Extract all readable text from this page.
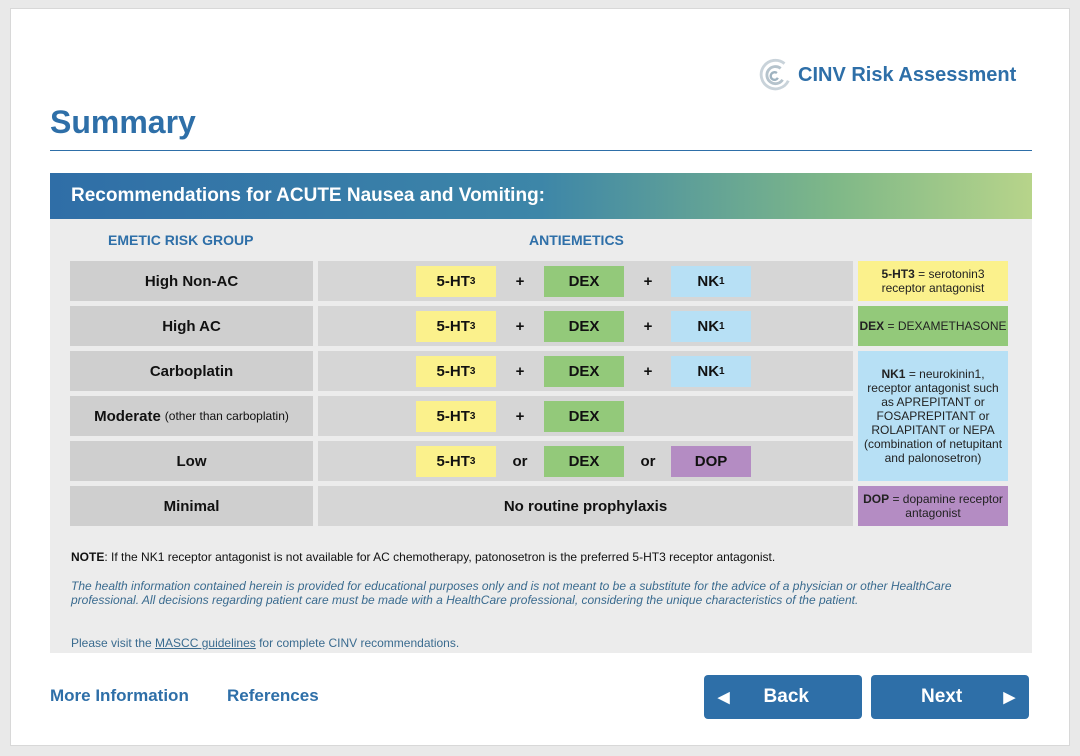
CINV Risk Assessment
Summary
Recommendations for ACUTE Nausea and Vomiting:
EMETIC RISK GROUP	ANTIEMETICS
High Non-AC	5-HT 3	+	DEX	+	NK 1
High AC	5-HT 3	+	DEX	+	NK 1
Carboplatin	5-HT 3	+	DEX	+	NK 1
Moderate (other than carboplatin)	5-HT 3	+	DEX
Low	5-HT 3	or	DEX	or	DOP
Minimal	No routine prophylaxis
5-HT3 = serotonin3 receptor antagonist
DEX = DEXAMETHASONE
NK1 = neurokinin1, receptor antagonist such as APREPITANT or FOSAPREPITANT or ROLAPITANT or NEPA (combination of netupitant and palonosetron)
DOP = dopamine receptor antagonist
NOTE: If the NK1 receptor antagonist is not available for AC chemotherapy, patonosetron is the preferred 5-HT3 receptor antagonist.
The health information contained herein is provided for educational purposes only and is not meant to be a substitute for the advice of a physician or other HealthCare professional. All decisions regarding patient care must be made with a HealthCare professional, considering the unique characteristics of the patient.
Please visit the MASCC guidelines for complete CINV recommendations.
More Information References	◀ Back	Next	▶
